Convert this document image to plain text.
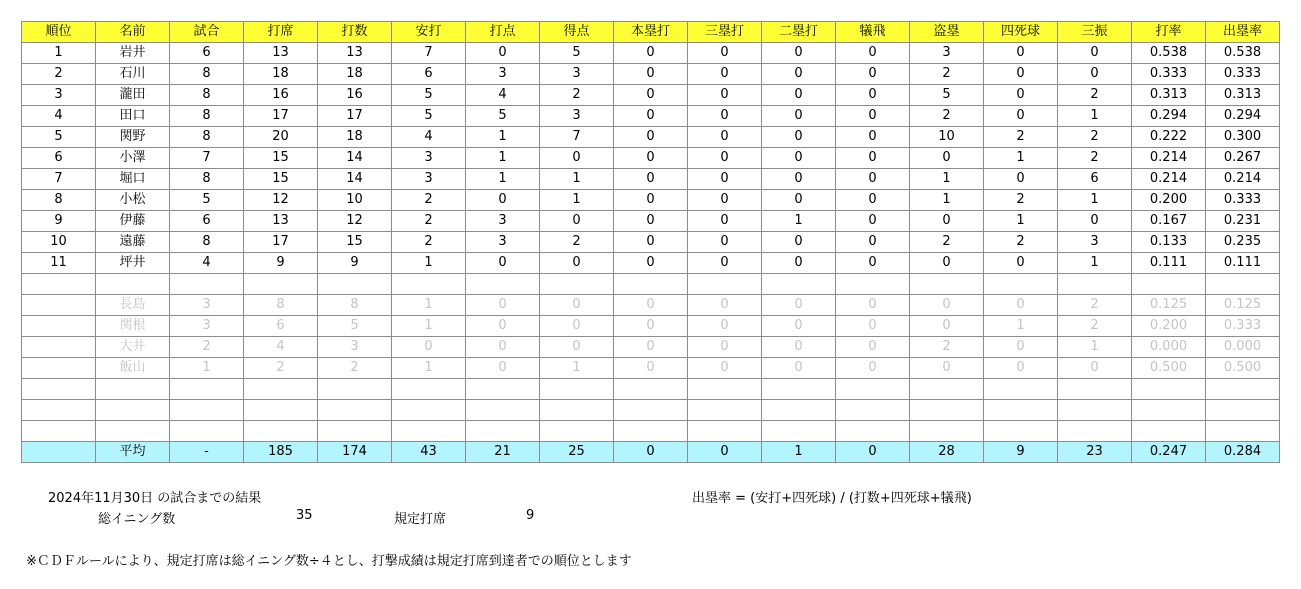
順位	名前	試合	打席	打数	安打	打点	得点	本塁打	三塁打	二塁打	犠飛	盗塁	四死球	三振	打率	出塁率
1	岩井	6	13	13	7	0	5	0	0	0	0	3	0	0	0.538	0.538
2	石川	8	18	18	6	3	3	0	0	0	0	2	0	0	0.333	0.333
3	瀧田	8	16	16	5	4	2	0	0	0	0	5	0	2	0.313	0.313
4	田口	8	17	17	5	5	3	0	0	0	0	2	0	1	0.294	0.294
5	関野	8	20	18	4	1	7	0	0	0	0	10	2	2	0.222	0.300
6	小澤	7	15	14	3	1	0	0	0	0	0	0	1	2	0.214	0.267
7	堀口	8	15	14	3	1	1	0	0	0	0	1	0	6	0.214	0.214
8	小松	5	12	10	2	0	1	0	0	0	0	1	2	1	0.200	0.333
9	伊藤	6	13	12	2	3	0	0	0	1	0	0	1	0	0.167	0.231
10	遠藤	8	17	15	2	3	2	0	0	0	0	2	2	3	0.133	0.235
11	坪井	4	9	9	1	0	0	0	0	0	0	0	0	1	0.111	0.111

	長島	3	8	8	1	0	0	0	0	0	0	0	0	2	0.125	0.125
	関根	3	6	5	1	0	0	0	0	0	0	0	1	2	0.200	0.333
	大井	2	4	3	0	0	0	0	0	0	0	2	0	1	0.000	0.000
	飯山	1	2	2	1	0	1	0	0	0	0	0	0	0	0.500	0.500

	平均	-	185	174	43	21	25	0	0	1	0	28	9	23	0.247	0.284
2024年11月30日 の試合までの結果
総イニング数	35	規定打席	9
出塁率 = (安打+四死球) / (打数+四死球+犠飛)
※ＣＤＦルールにより、規定打席は総イニング数÷４とし、打撃成績は規定打席到達者での順位とします
